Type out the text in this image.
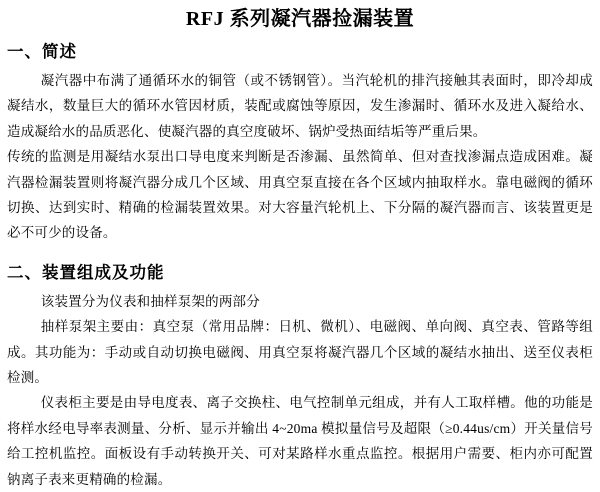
RFJ 系列凝汽器捡漏装置
一、简述

凝汽器中布满了通循环水的铜管（或不锈钢管）。当汽轮机的排汽接触其表面时，即冷却成凝结水，数量巨大的循环水管因材质，装配或腐蚀等原因，发生渗漏时、循环水及进入凝给水、造成凝给水的品质恶化、使凝汽器的真空度破坏、锅炉受热面结垢等严重后果。

传统的监测是用凝结水泵出口导电度来判断是否渗漏、虽然简单、但对查找渗漏点造成困难。凝汽器检漏装置则将凝汽器分成几个区域、用真空泵直接在各个区域内抽取样水。靠电磁阀的循环切换、达到实时、精确的检漏装置效果。对大容量汽轮机上、下分隔的凝汽器而言、该装置更是必不可少的设备。

二、装置组成及功能

该装置分为仪表和抽样泵架的两部分

抽样泵架主要由：真空泵（常用品牌：日机、微机）、电磁阀、单向阀、真空表、管路等组成。其功能为：手动或自动切换电磁阀、用真空泵将凝汽器几个区域的凝结水抽出、送至仪表柜检测。

仪表柜主要是由导电度表、离子交换柱、电气控制单元组成，并有人工取样槽。他的功能是将样水经电导率表测量、分析、显示并输出 4~20ma 模拟量信号及超限（≥0.44us/cm）开关量信号给工控机监控。面板设有手动转换开关、可对某路样水重点监控。根据用户需要、柜内亦可配置钠离子表来更精确的检漏。
